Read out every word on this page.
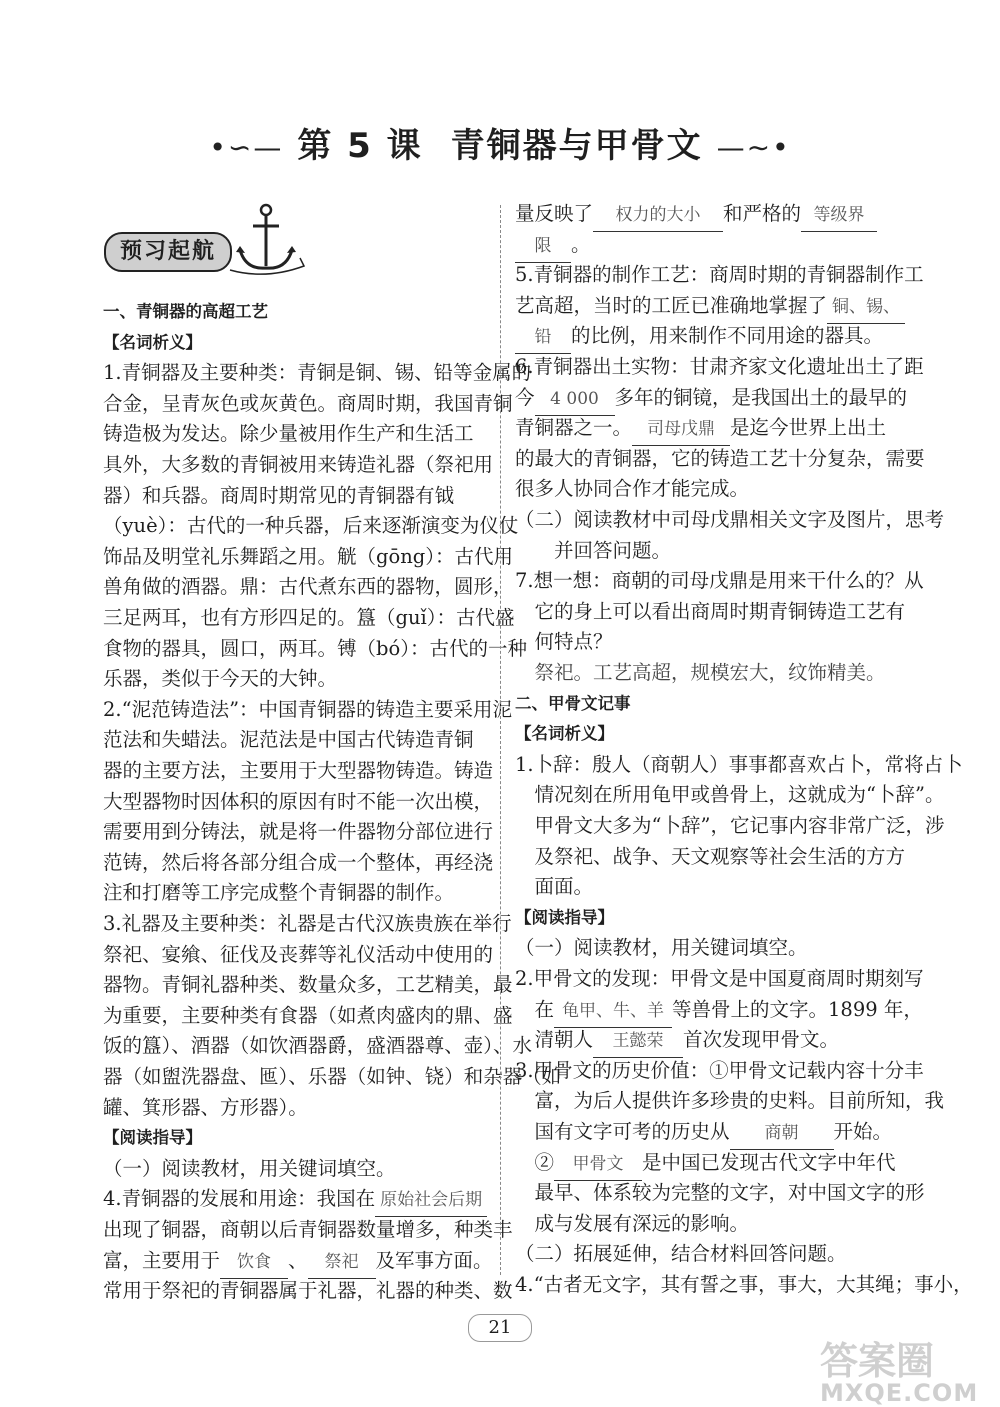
•∽— 第 5 课 青铜器与甲骨文 —∼•
预习起航
一、青铜器的高超工艺
【名词析义】
1.青铜器及主要种类：青铜是铜、锡、铅等金属的
合金，呈青灰色或灰黄色。商周时期，我国青铜
铸造极为发达。除少量被用作生产和生活工
具外，大多数的青铜被用来铸造礼器（祭祀用
器）和兵器。商周时期常见的青铜器有钺
（yuè）：古代的一种兵器，后来逐渐演变为仪仗
饰品及明堂礼乐舞蹈之用。觥（gōng）：古代用
兽角做的酒器。鼎：古代煮东西的器物，圆形，
三足两耳，也有方形四足的。簋（guǐ）：古代盛
食物的器具，圆口，两耳。镈（bó）：古代的一种
乐器，类似于今天的大钟。
2.“泥范铸造法”：中国青铜器的铸造主要采用泥
范法和失蜡法。泥范法是中国古代铸造青铜
器的主要方法，主要用于大型器物铸造。铸造
大型器物时因体积的原因有时不能一次出模，
需要用到分铸法，就是将一件器物分部位进行
范铸，然后将各部分组合成一个整体，再经浇
注和打磨等工序完成整个青铜器的制作。
3.礼器及主要种类：礼器是古代汉族贵族在举行
祭祀、宴飨、征伐及丧葬等礼仪活动中使用的
器物。青铜礼器种类、数量众多，工艺精美，最
为重要，主要种类有食器（如煮肉盛肉的鼎、盛
饭的簋）、酒器（如饮酒器爵，盛酒器尊、壶）、水
器（如盥洗器盘、匜）、乐器（如钟、铙）和杂器（如
罐、箕形器、方形器）。
【阅读指导】
（一）阅读教材，用关键词填空。
4.青铜器的发展和用途：我国在 原始社会后期
出现了铜器，商朝以后青铜器数量增多，种类丰
富，主要用于 饮食 、 祭祀 及军事方面。
常用于祭祀的青铜器属于礼器，礼器的种类、数
量反映了 权力的大小 和严格的 等级界
限 。
5.青铜器的制作工艺：商周时期的青铜器制作工
艺高超，当时的工匠已准确地掌握了 铜、锡、
铅 的比例，用来制作不同用途的器具。
6.青铜器出土实物：甘肃齐家文化遗址出土了距
今 4 000 多年的铜镜，是我国出土的最早的
青铜器之一。 司母戊鼎 是迄今世界上出土
的最大的青铜器，它的铸造工艺十分复杂，需要
很多人协同合作才能完成。
（二）阅读教材中司母戊鼎相关文字及图片，思考
　　并回答问题。
7.想一想：商朝的司母戊鼎是用来干什么的？从
　它的身上可以看出商周时期青铜铸造工艺有
　何特点？
　祭祀。工艺高超，规模宏大，纹饰精美。
二、甲骨文记事
【名词析义】
1.卜辞：殷人（商朝人）事事都喜欢占卜，常将占卜
　情况刻在所用龟甲或兽骨上，这就成为“卜辞”。
　甲骨文大多为“卜辞”，它记事内容非常广泛，涉
　及祭祀、战争、天文观察等社会生活的方方
　面面。
【阅读指导】
（一）阅读教材，用关键词填空。
2.甲骨文的发现：甲骨文是中国夏商周时期刻写
　在 龟甲、牛、羊 等兽骨上的文字。1899 年，
　清朝人 王懿荣 首次发现甲骨文。
3.甲骨文的历史价值：①甲骨文记载内容十分丰
　富，为后人提供许多珍贵的史料。目前所知，我
　国有文字可考的历史从 商朝 开始。
　② 甲骨文 是中国已发现古代文字中年代
　最早、体系较为完整的文字，对中国文字的形
　成与发展有深远的影响。
（二）拓展延伸，结合材料回答问题。
4.“古者无文字，其有誓之事，事大，大其绳；事小，
21
答案圈
MXQE.COM
